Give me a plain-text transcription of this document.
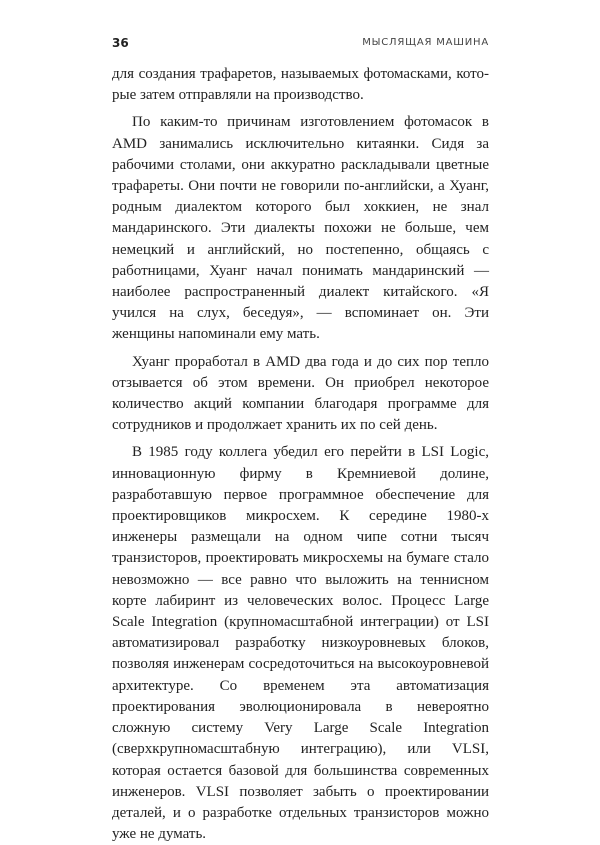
36	МЫСЛЯЩАЯ МАШИНА

для создания трафаретов, называемых фотомасками, которые затем отправляли на производство.

По каким-то причинам изготовлением фотомасок в AMD занимались исключительно китаянки. Сидя за рабочими столами, они аккуратно раскладывали цветные трафареты. Они почти не говорили по-английски, а Хуанг, родным диалектом которого был хоккиен, не знал мандаринского. Эти диалекты похожи не больше, чем немецкий и английский, но постепенно, общаясь с работницами, Хуанг начал понимать мандаринский — наиболее распространенный диалект китайского. «Я учился на слух, беседуя», — вспоминает он. Эти женщины напоминали ему мать.

Хуанг проработал в AMD два года и до сих пор тепло отзывается об этом времени. Он приобрел некоторое количество акций компании благодаря программе для сотрудников и продолжает хранить их по сей день.

В 1985 году коллега убедил его перейти в LSI Logic, инновационную фирму в Кремниевой долине, разработавшую первое программное обеспечение для проектировщиков микросхем. К середине 1980-х инженеры размещали на одном чипе сотни тысяч транзисторов, проектировать микросхемы на бумаге стало невозможно — все равно что выложить на теннисном корте лабиринт из человеческих волос. Процесс Large Scale Integration (крупномасштабной интеграции) от LSI автоматизировал разработку низкоуровневых блоков, позволяя инженерам сосредоточиться на высокоуровневой архитектуре. Со временем эта автоматизация проектирования эволюционировала в невероятно сложную систему Very Large Scale Integration (сверхкрупномасштабную интеграцию), или VLSI, которая остается базовой для большинства современных инженеров. VLSI позволяет забыть о проектировании деталей, и о разработке отдельных транзисторов можно уже не думать.
